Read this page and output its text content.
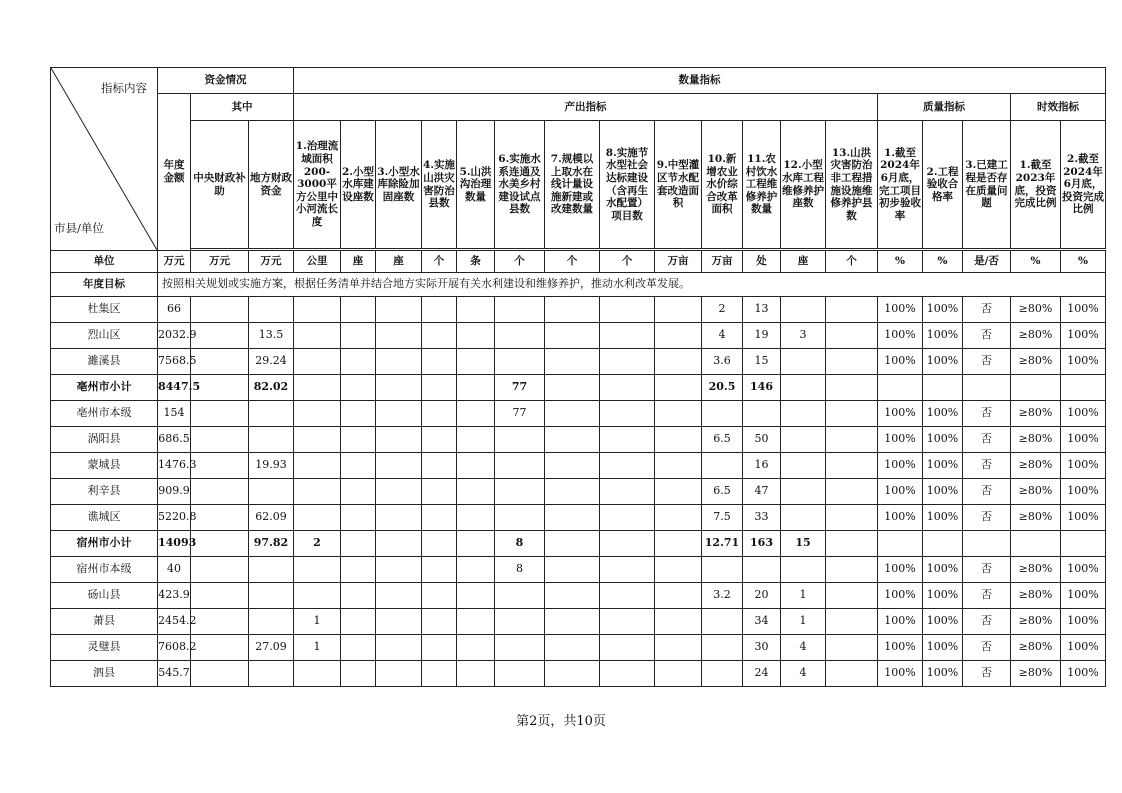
指标内容
市县/单位	资金情况			数量指标																	
	年度金额	其中		产出指标													质量指标			时效指标	
		中央财政补助	地方财政资金	1.治理流域面积200-3000平方公里中小河流长度	2.小型水库建设座数	3.小型水库除险加固座数	4.实施山洪灾害防治县数	5.山洪沟治理数量	6.实施水系连通及水美乡村建设试点县数	7.规模以上取水在线计量设施新建或改建数量	8.实施节水型社会达标建设（含再生水配置）项目数	9.中型灌区节水配套改造面积	10.新增农业水价综合改革面积	11.农村饮水工程维修养护数量	12.小型水库工程维修养护座数	13.山洪灾害防治非工程措施设施维修养护县数	1.截至2024年6月底，完工项目初步验收率	2.工程验收合格率	3.已建工程是否存在质量问题	1.截至2023年底，投资完成比例	2.截至2024年6月底，投资完成比例

单位	万元	万元	万元	公里	座	座	个	条	个	个	个	万亩	万亩	处	座	个	%	%	是/否	%	%
年度目标	按照相关规划或实施方案，根据任务清单并结合地方实际开展有关水利建设和维修养护，推动水利改革发展。																				
杜集区	66												2	13			100%	100%	否	≥80%	100%
烈山区	2032.9		13.5										4	19	3		100%	100%	否	≥80%	100%
濉溪县	7568.5		29.24										3.6	15			100%	100%	否	≥80%	100%
亳州市小计	8447.5		82.02						77				20.5	146							
亳州市本级	154								77								100%	100%	否	≥80%	100%
涡阳县	686.5												6.5	50			100%	100%	否	≥80%	100%
蒙城县	1476.3		19.93											16			100%	100%	否	≥80%	100%
利辛县	909.9												6.5	47			100%	100%	否	≥80%	100%
谯城区	5220.8		62.09										7.5	33			100%	100%	否	≥80%	100%
宿州市小计	14093		97.82	2					8				12.71	163	15						
宿州市本级	40								8								100%	100%	否	≥80%	100%
砀山县	423.9												3.2	20	1		100%	100%	否	≥80%	100%
萧县	2454.2			1										34	1		100%	100%	否	≥80%	100%
灵璧县	7608.2		27.09	1										30	4		100%	100%	否	≥80%	100%
泗县	545.7													24	4		100%	100%	否	≥80%	100%
第2页，共10页
